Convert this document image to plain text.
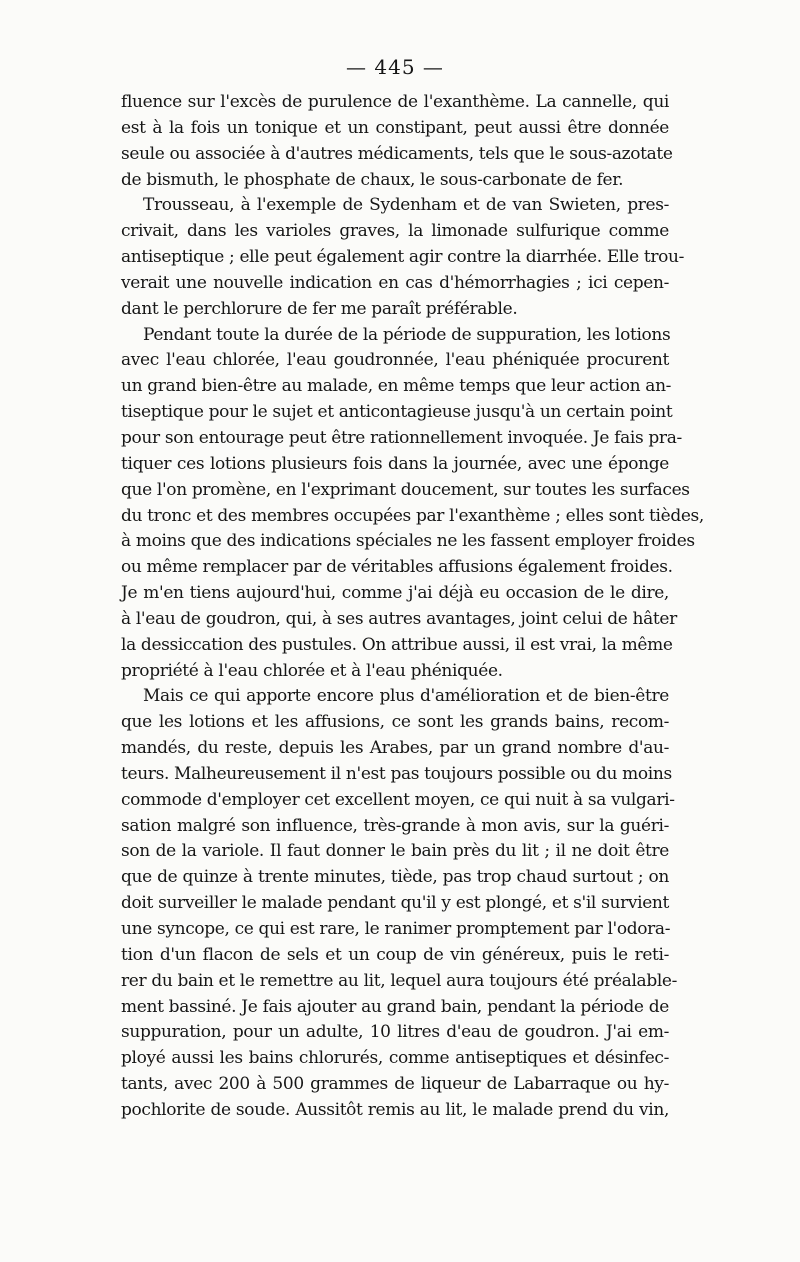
— 445 —
fluence sur l'excès de purulence de l'exanthème. La cannelle, qui
est à la fois un tonique et un constipant, peut aussi être donnée
seule ou associée à d'autres médicaments, tels que le sous-azotate
de bismuth, le phosphate de chaux, le sous-carbonate de fer.
Trousseau, à l'exemple de Sydenham et de van Swieten, pres-
crivait, dans les varioles graves, la limonade sulfurique comme
antiseptique ; elle peut également agir contre la diarrhée. Elle trou-
verait une nouvelle indication en cas d'hémorrhagies ; ici cepen-
dant le perchlorure de fer me paraît préférable.
Pendant toute la durée de la période de suppuration, les lotions
avec l'eau chlorée, l'eau goudronnée, l'eau phéniquée procurent
un grand bien-être au malade, en même temps que leur action an-
tiseptique pour le sujet et anticontagieuse jusqu'à un certain point
pour son entourage peut être rationnellement invoquée. Je fais pra-
tiquer ces lotions plusieurs fois dans la journée, avec une éponge
que l'on promène, en l'exprimant doucement, sur toutes les surfaces
du tronc et des membres occupées par l'exanthème ; elles sont tièdes,
à moins que des indications spéciales ne les fassent employer froides
ou même remplacer par de véritables affusions également froides.
Je m'en tiens aujourd'hui, comme j'ai déjà eu occasion de le dire,
à l'eau de goudron, qui, à ses autres avantages, joint celui de hâter
la dessiccation des pustules. On attribue aussi, il est vrai, la même
propriété à l'eau chlorée et à l'eau phéniquée.
Mais ce qui apporte encore plus d'amélioration et de bien-être
que les lotions et les affusions, ce sont les grands bains, recom-
mandés, du reste, depuis les Arabes, par un grand nombre d'au-
teurs. Malheureusement il n'est pas toujours possible ou du moins
commode d'employer cet excellent moyen, ce qui nuit à sa vulgari-
sation malgré son influence, très-grande à mon avis, sur la guéri-
son de la variole. Il faut donner le bain près du lit ; il ne doit être
que de quinze à trente minutes, tiède, pas trop chaud surtout ; on
doit surveiller le malade pendant qu'il y est plongé, et s'il survient
une syncope, ce qui est rare, le ranimer promptement par l'odora-
tion d'un flacon de sels et un coup de vin généreux, puis le reti-
rer du bain et le remettre au lit, lequel aura toujours été préalable-
ment bassiné. Je fais ajouter au grand bain, pendant la période de
suppuration, pour un adulte, 10 litres d'eau de goudron. J'ai em-
ployé aussi les bains chlorurés, comme antiseptiques et désinfec-
tants, avec 200 à 500 grammes de liqueur de Labarraque ou hy-
pochlorite de soude. Aussitôt remis au lit, le malade prend du vin,
